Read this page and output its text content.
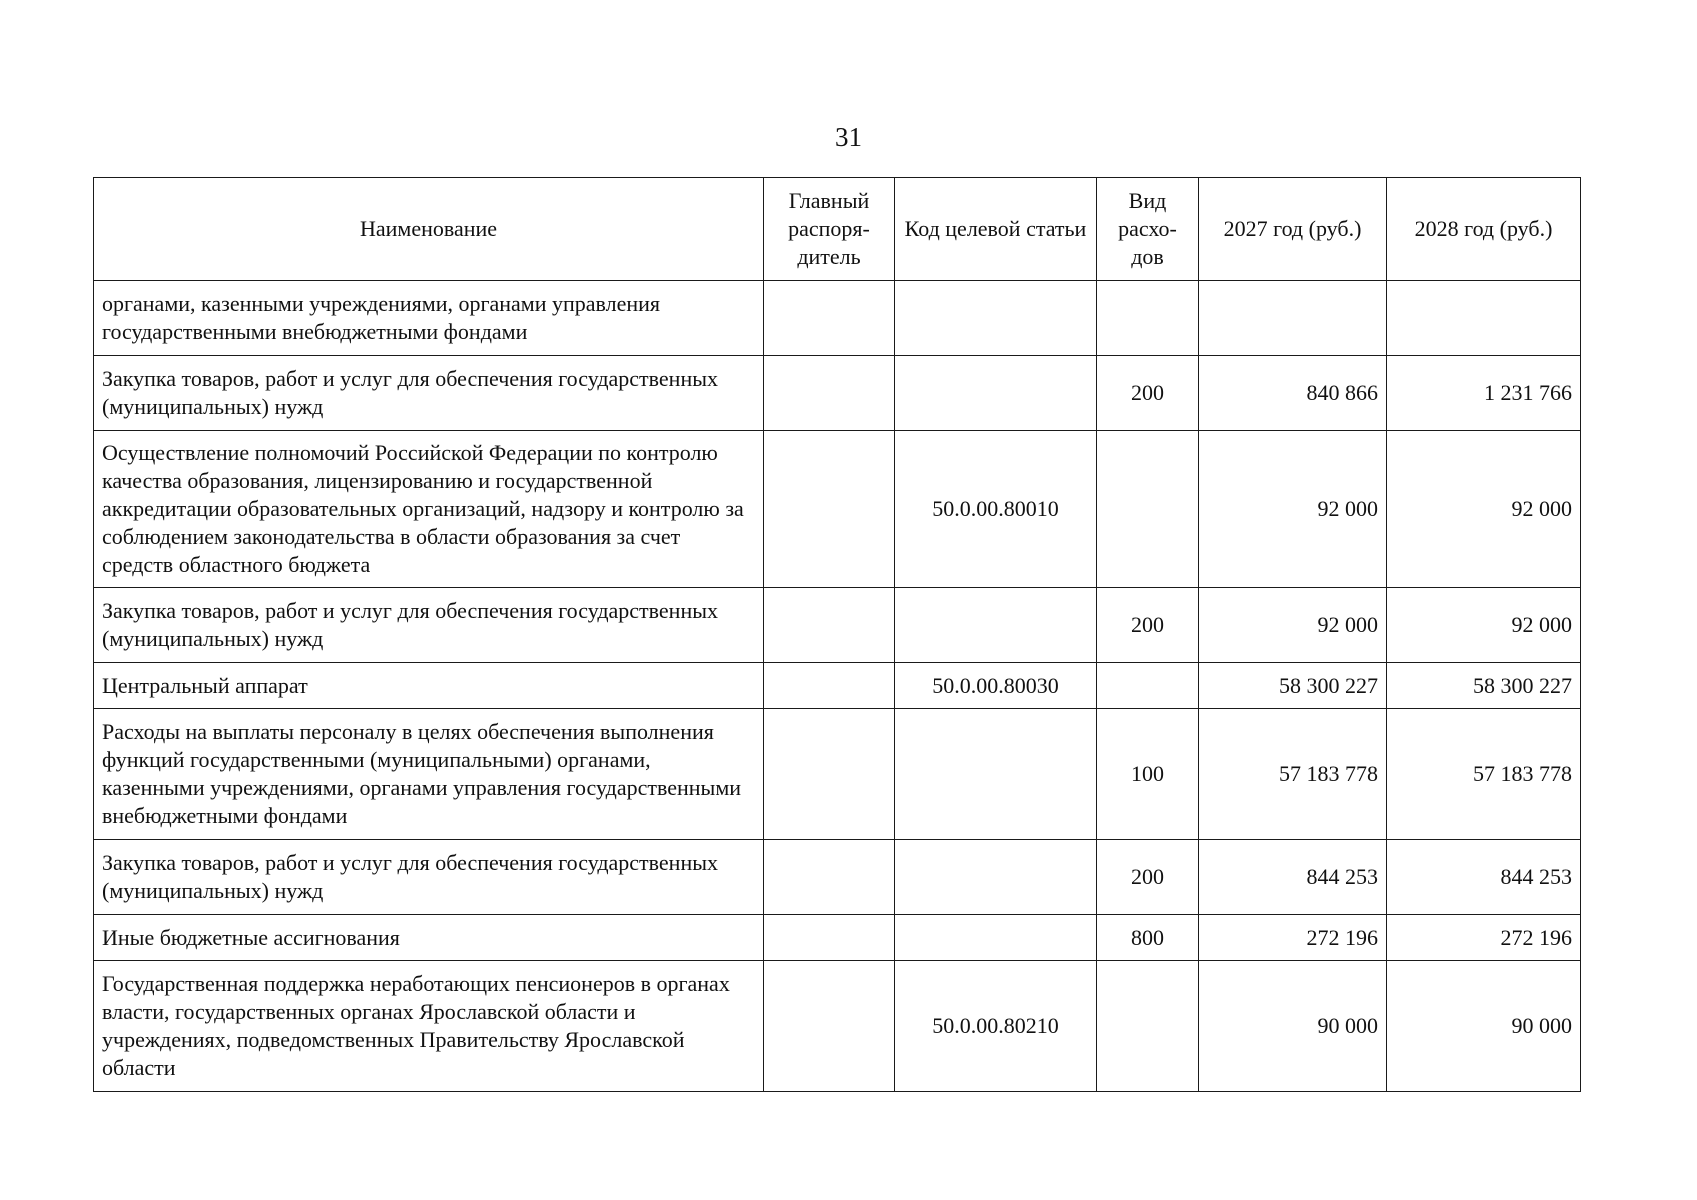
31
Наименование	Главный распоря-дитель	Код целевой статьи	Вид расхо-дов	2027 год (руб.)	2028 год (руб.)
органами, казенными учреждениями, органами управления государственными внебюджетными фондами					
Закупка товаров, работ и услуг для обеспечения государственных (муниципальных) нужд			200	840 866	1 231 766
Осуществление полномочий Российской Федерации по контролю качества образования, лицензированию и государственной аккредитации образовательных организаций, надзору и контролю за соблюдением законодательства в области образования за счет средств областного бюджета		50.0.00.80010		92 000	92 000
Закупка товаров, работ и услуг для обеспечения государственных (муниципальных) нужд			200	92 000	92 000
Центральный аппарат		50.0.00.80030		58 300 227	58 300 227
Расходы на выплаты персоналу в целях обеспечения выполнения функций государственными (муниципальными) органами, казенными учреждениями, органами управления государственными внебюджетными фондами			100	57 183 778	57 183 778
Закупка товаров, работ и услуг для обеспечения государственных (муниципальных) нужд			200	844 253	844 253
Иные бюджетные ассигнования			800	272 196	272 196
Государственная поддержка неработающих пенсионеров в органах власти, государственных органах Ярославской области и учреждениях, подведомственных Правительству Ярославской области		50.0.00.80210		90 000	90 000
